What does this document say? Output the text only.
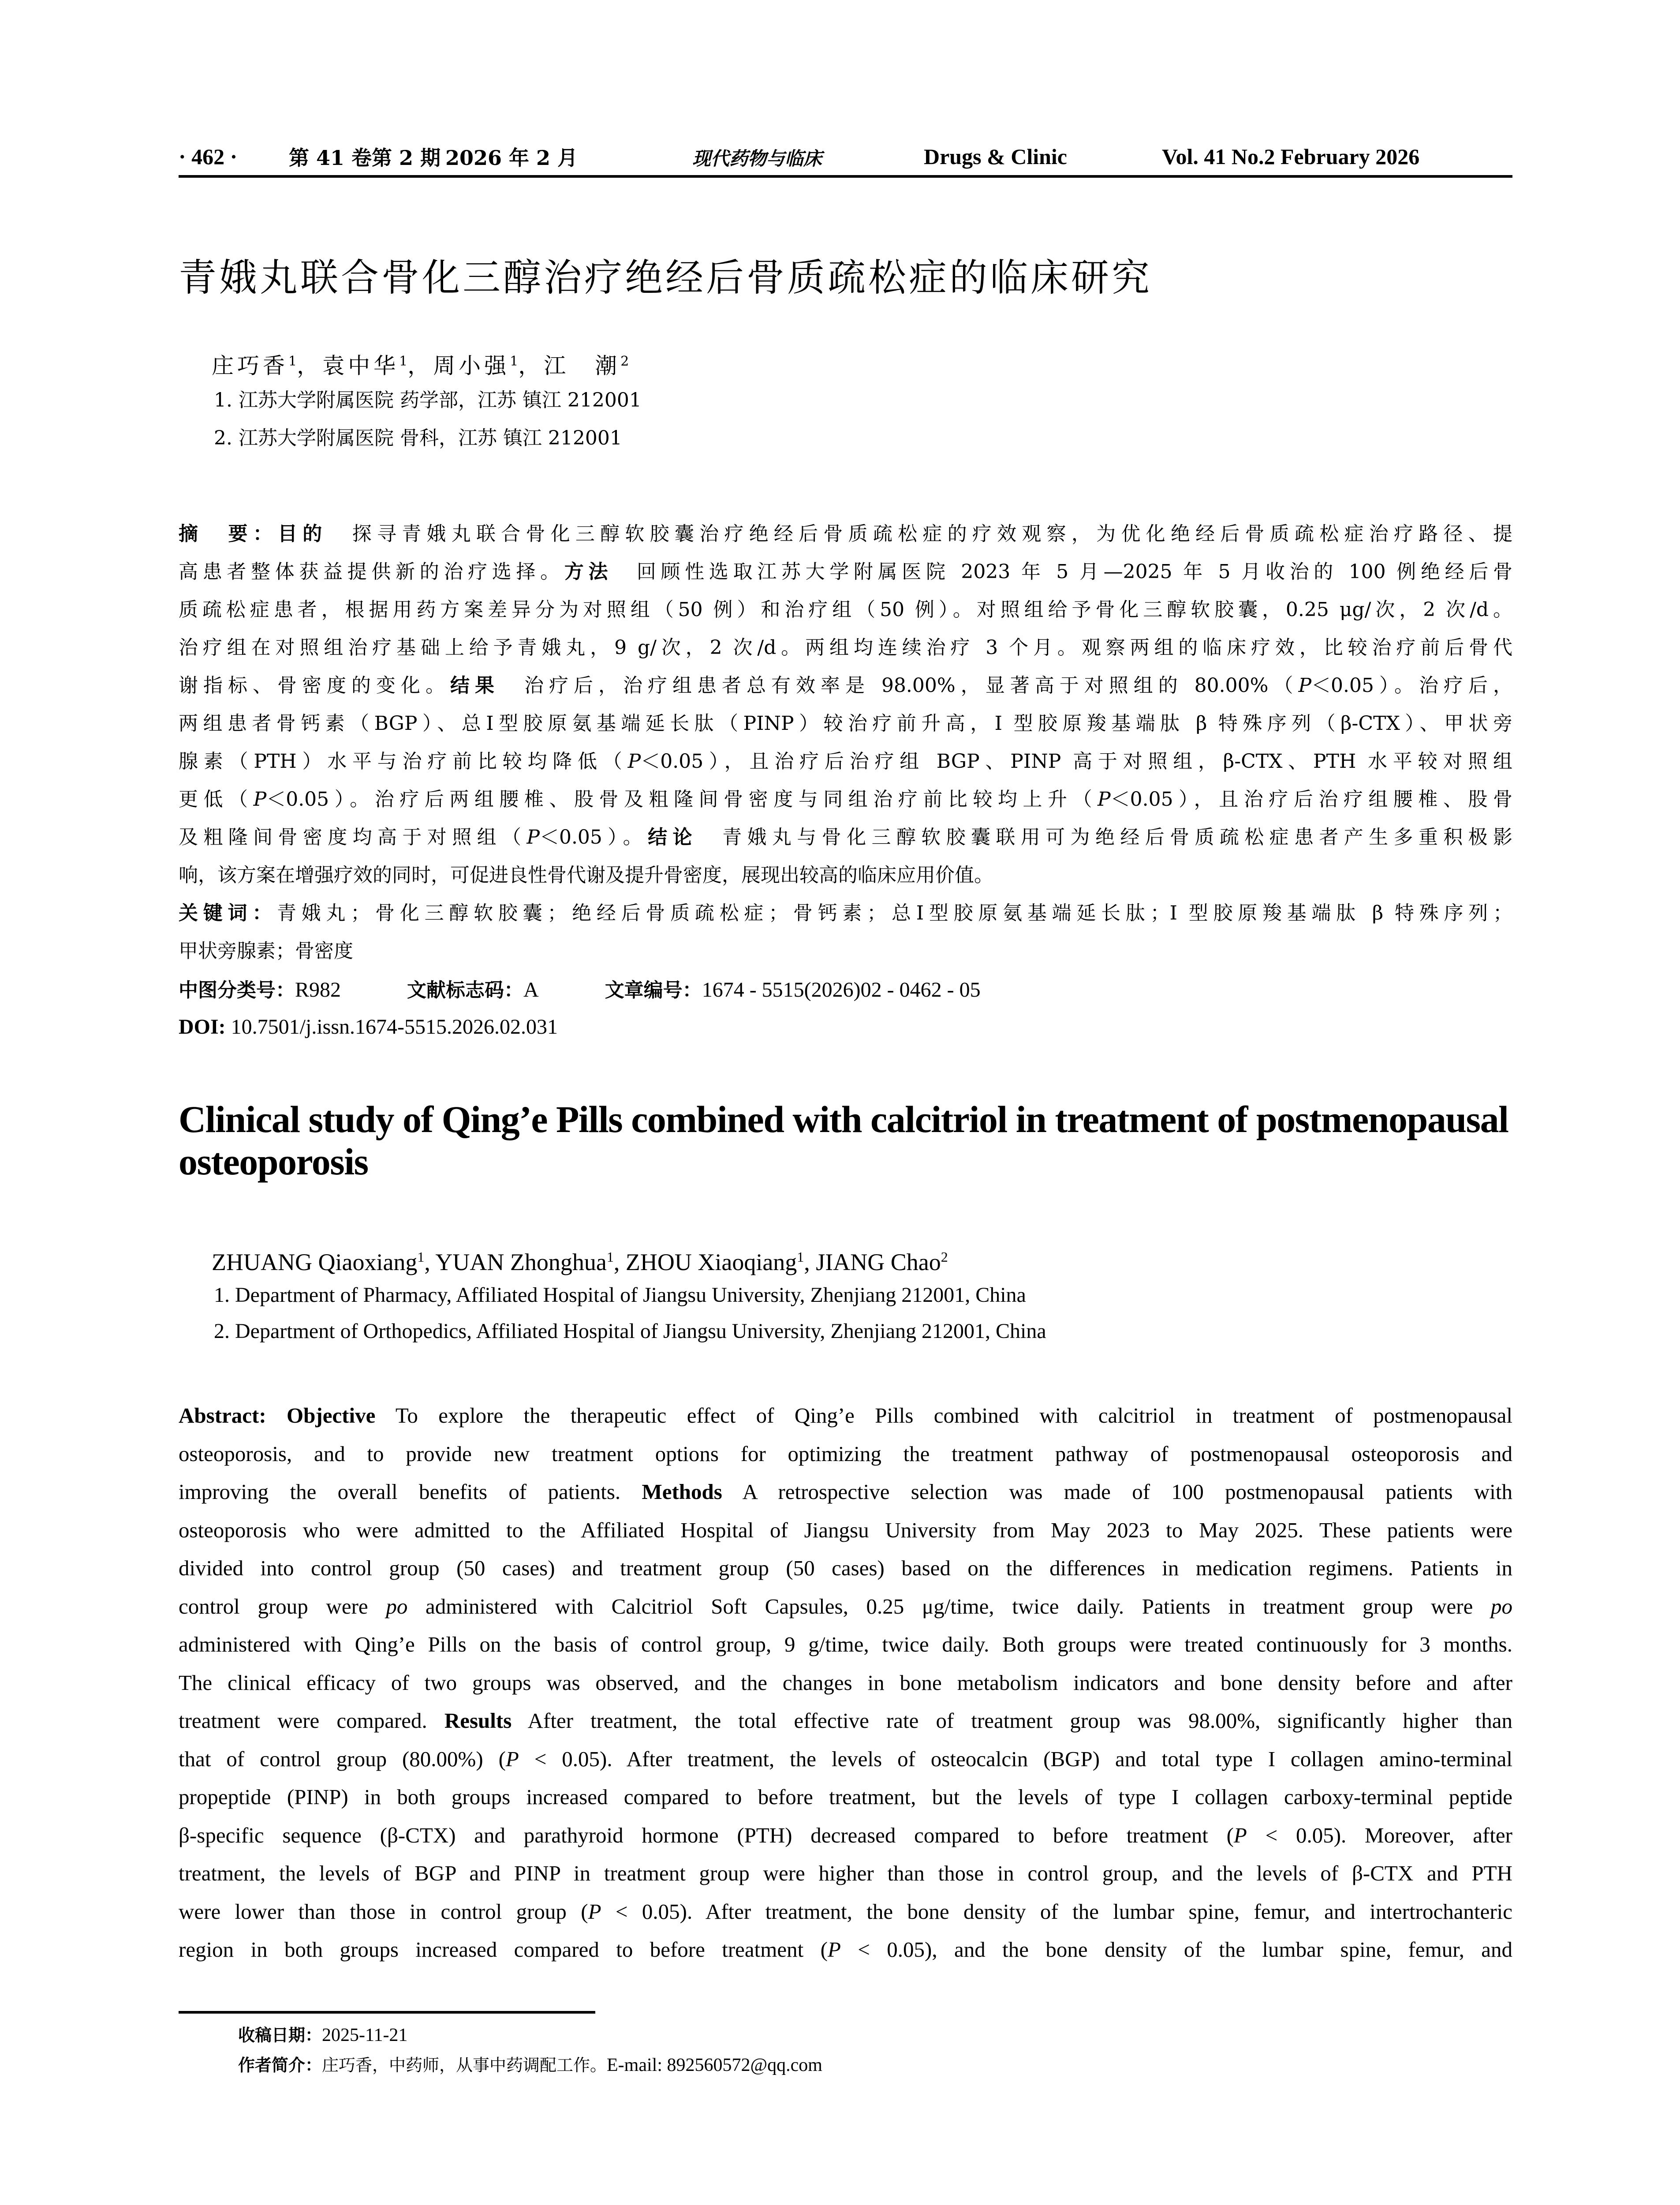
· 462 ·	第 41 卷第 2 期 2026 年 2 月	现代药物与临床	Drugs & Clinic	Vol. 41 No.2 February 2026
青娥丸联合骨化三醇治疗绝经后骨质疏松症的临床研究
庄巧香$^1$，袁中华$^1$，周小强$^1$，江　潮$^2$
1. 江苏大学附属医院 药学部，江苏 镇江 212001
2. 江苏大学附属医院 骨科，江苏 镇江 212001
摘　要：目的　探寻青娥丸联合骨化三醇软胶囊治疗绝经后骨质疏松症的疗效观察，为优化绝经后骨质疏松症治疗路径、提
高患者整体获益提供新的治疗选择。方法　回顾性选取江苏大学附属医院 2023 年 5 月—2025 年 5 月收治的 100 例绝经后骨
质疏松症患者，根据用药方案差异分为对照组（50 例）和治疗组（50 例）。对照组给予骨化三醇软胶囊，0.25 μg/次，2 次/d。
治疗组在对照组治疗基础上给予青娥丸，9 g/次，2 次/d。两组均连续治疗 3 个月。观察两组的临床疗效，比较治疗前后骨代
谢指标、骨密度的变化。结果　治疗后，治疗组患者总有效率是 98.00%，显著高于对照组的 80.00%（P＜0.05）。治疗后，
两组患者骨钙素（BGP）、总I型胶原氨基端延长肽（PINP）较治疗前升高，I 型胶原羧基端肽 β 特殊序列（β-CTX）、甲状旁
腺素（PTH）水平与治疗前比较均降低（P＜0.05），且治疗后治疗组 BGP、PINP 高于对照组，β-CTX、PTH 水平较对照组
更低（P＜0.05）。治疗后两组腰椎、股骨及粗隆间骨密度与同组治疗前比较均上升（P＜0.05），且治疗后治疗组腰椎、股骨
及粗隆间骨密度均高于对照组（P＜0.05）。结论　青娥丸与骨化三醇软胶囊联用可为绝经后骨质疏松症患者产生多重积极影
响，该方案在增强疗效的同时，可促进良性骨代谢及提升骨密度，展现出较高的临床应用价值。
关键词：青娥丸；骨化三醇软胶囊；绝经后骨质疏松症；骨钙素；总I型胶原氨基端延长肽；I 型胶原羧基端肽 β 特殊序列；
甲状旁腺素；骨密度
中图分类号：R982	文献标志码：A	文章编号：1674 - 5515(2026)02 - 0462 - 05
DOI: 10.7501/j.issn.1674-5515.2026.02.031
Clinical study of Qing’e Pills combined with calcitriol in treatment of postmenopausal
osteoporosis
ZHUANG Qiaoxiang$^1$, YUAN Zhonghua$^1$, ZHOU Xiaoqiang$^1$, JIANG Chao$^2$
1. Department of Pharmacy, Affiliated Hospital of Jiangsu University, Zhenjiang 212001, China
2. Department of Orthopedics, Affiliated Hospital of Jiangsu University, Zhenjiang 212001, China
Abstract: Objective To explore the therapeutic effect of Qing’e Pills combined with calcitriol in treatment of postmenopausal
osteoporosis, and to provide new treatment options for optimizing the treatment pathway of postmenopausal osteoporosis and
improving the overall benefits of patients. Methods A retrospective selection was made of 100 postmenopausal patients with
osteoporosis who were admitted to the Affiliated Hospital of Jiangsu University from May 2023 to May 2025. These patients were
divided into control group (50 cases) and treatment group (50 cases) based on the differences in medication regimens. Patients in
control group were po administered with Calcitriol Soft Capsules, 0.25 μg/time, twice daily. Patients in treatment group were po
administered with Qing’e Pills on the basis of control group, 9 g/time, twice daily. Both groups were treated continuously for 3 months.
The clinical efficacy of two groups was observed, and the changes in bone metabolism indicators and bone density before and after
treatment were compared. Results After treatment, the total effective rate of treatment group was 98.00%, significantly higher than
that of control group (80.00%) (P < 0.05). After treatment, the levels of osteocalcin (BGP) and total type I collagen amino-terminal
propeptide (PINP) in both groups increased compared to before treatment, but the levels of type I collagen carboxy-terminal peptide
β-specific sequence (β-CTX) and parathyroid hormone (PTH) decreased compared to before treatment (P < 0.05). Moreover, after
treatment, the levels of BGP and PINP in treatment group were higher than those in control group, and the levels of β-CTX and PTH
were lower than those in control group (P < 0.05). After treatment, the bone density of the lumbar spine, femur, and intertrochanteric
region in both groups increased compared to before treatment (P < 0.05), and the bone density of the lumbar spine, femur, and
收稿日期：2025-11-21
作者简介：庄巧香，中药师，从事中药调配工作。E-mail: 892560572@qq.com
